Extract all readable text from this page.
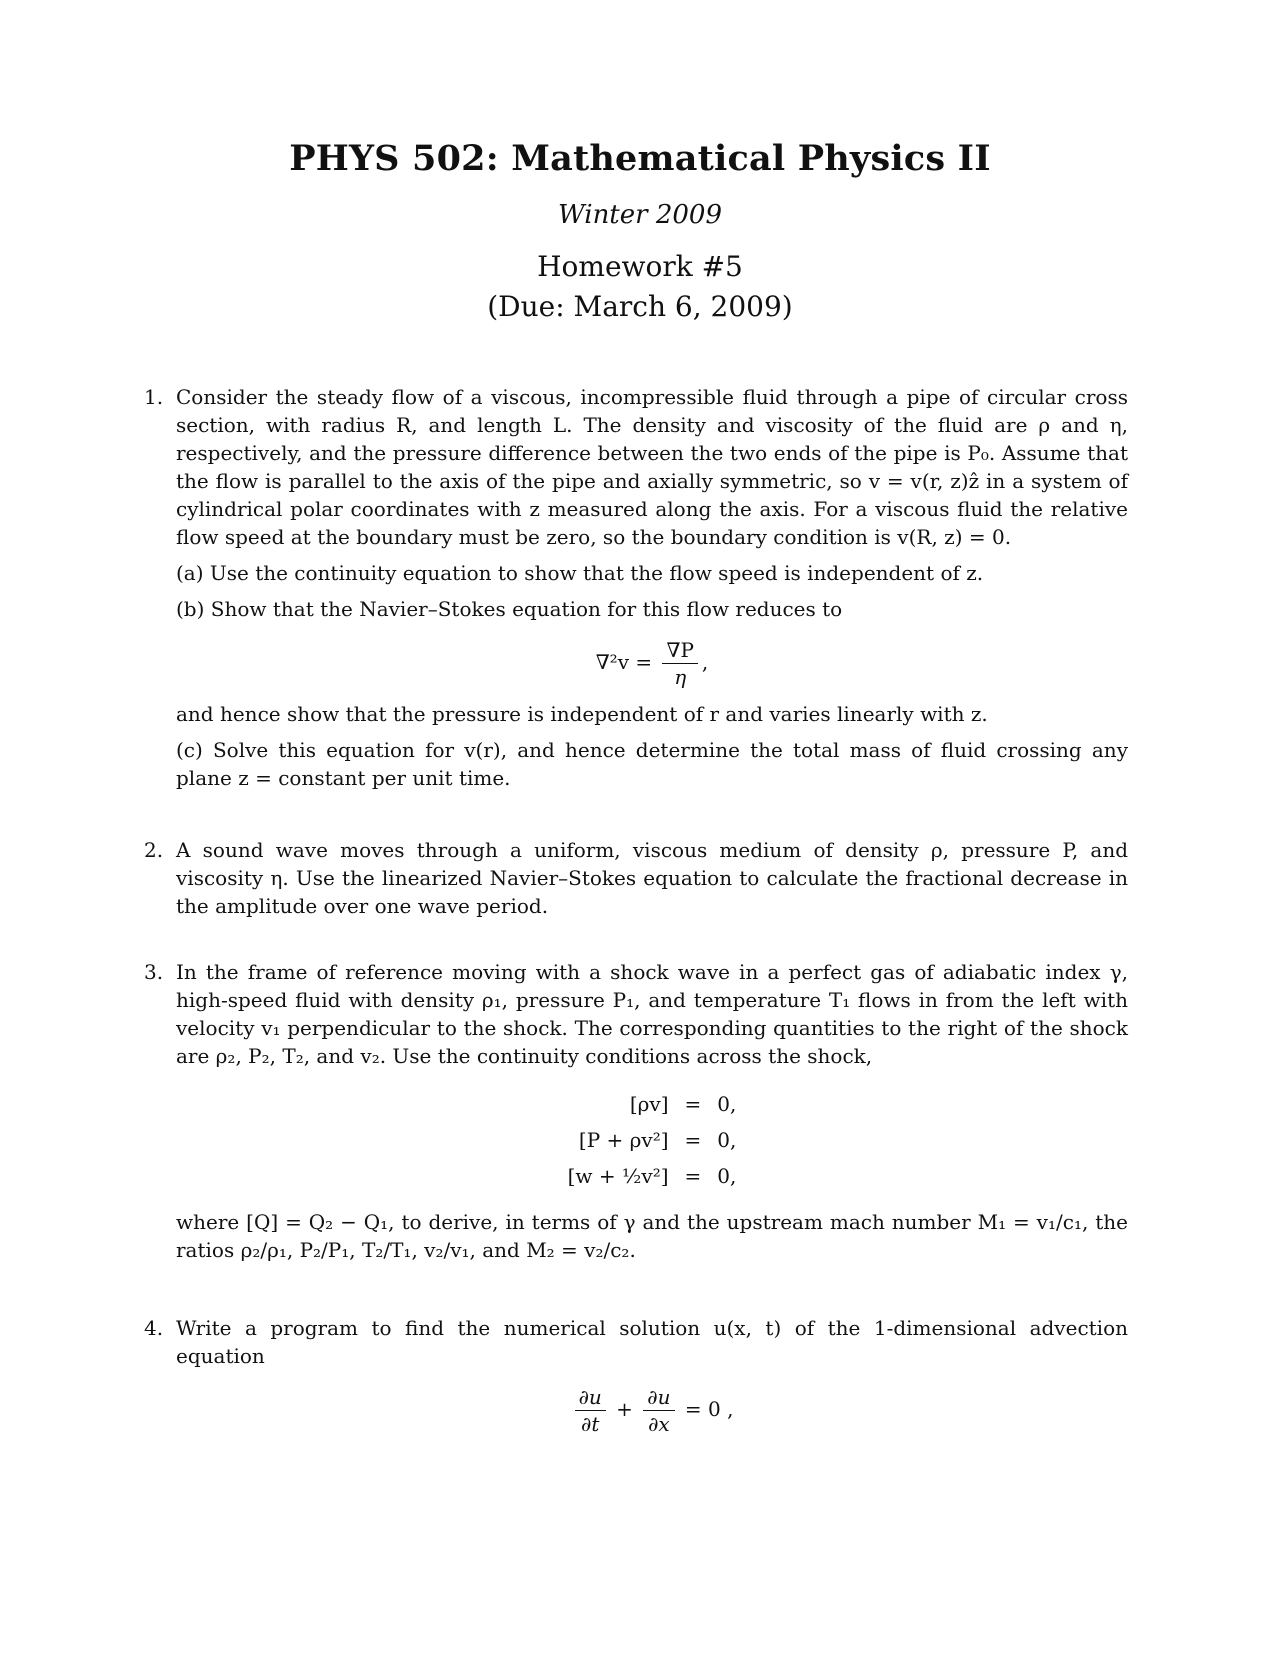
PHYS 502: Mathematical Physics II
Winter 2009
Homework #5
(Due: March 6, 2009)
1. Consider the steady flow of a viscous, incompressible fluid through a pipe of circular cross section, with radius R, and length L. The density and viscosity of the fluid are ρ and η, respectively, and the pressure difference between the two ends of the pipe is P₀. Assume that the flow is parallel to the axis of the pipe and axially symmetric, so v = v(r, z)ẑ in a system of cylindrical polar coordinates with z measured along the axis. For a viscous fluid the relative flow speed at the boundary must be zero, so the boundary condition is v(R, z) = 0.
(a) Use the continuity equation to show that the flow speed is independent of z.
(b) Show that the Navier–Stokes equation for this flow reduces to
$\nabla^2v = \frac{\nabla P}{\eta}$ ,
and hence show that the pressure is independent of r and varies linearly with z.
(c) Solve this equation for v(r), and hence determine the total mass of fluid crossing any plane z = constant per unit time.
2. A sound wave moves through a uniform, viscous medium of density ρ, pressure P, and viscosity η. Use the linearized Navier–Stokes equation to calculate the fractional decrease in the amplitude over one wave period.
3. In the frame of reference moving with a shock wave in a perfect gas of adiabatic index γ, high-speed fluid with density ρ₁, pressure P₁, and temperature T₁ flows in from the left with velocity v₁ perpendicular to the shock. The corresponding quantities to the right of the shock are ρ₂, P₂, T₂, and v₂. Use the continuity conditions across the shock,
[ρv]	=	0,
[P + ρv²]	=	0,
[w + ½v²]	=	0,
where [Q] = Q₂ − Q₁, to derive, in terms of γ and the upstream mach number M₁ = v₁/c₁, the ratios ρ₂/ρ₁, P₂/P₁, T₂/T₁, v₂/v₁, and M₂ = v₂/c₂.
4. Write a program to find the numerical solution u(x, t) of the 1-dimensional advection equation
$\frac{\partial u}{\partial t} + \frac{\partial u}{\partial x} = 0$ ,
